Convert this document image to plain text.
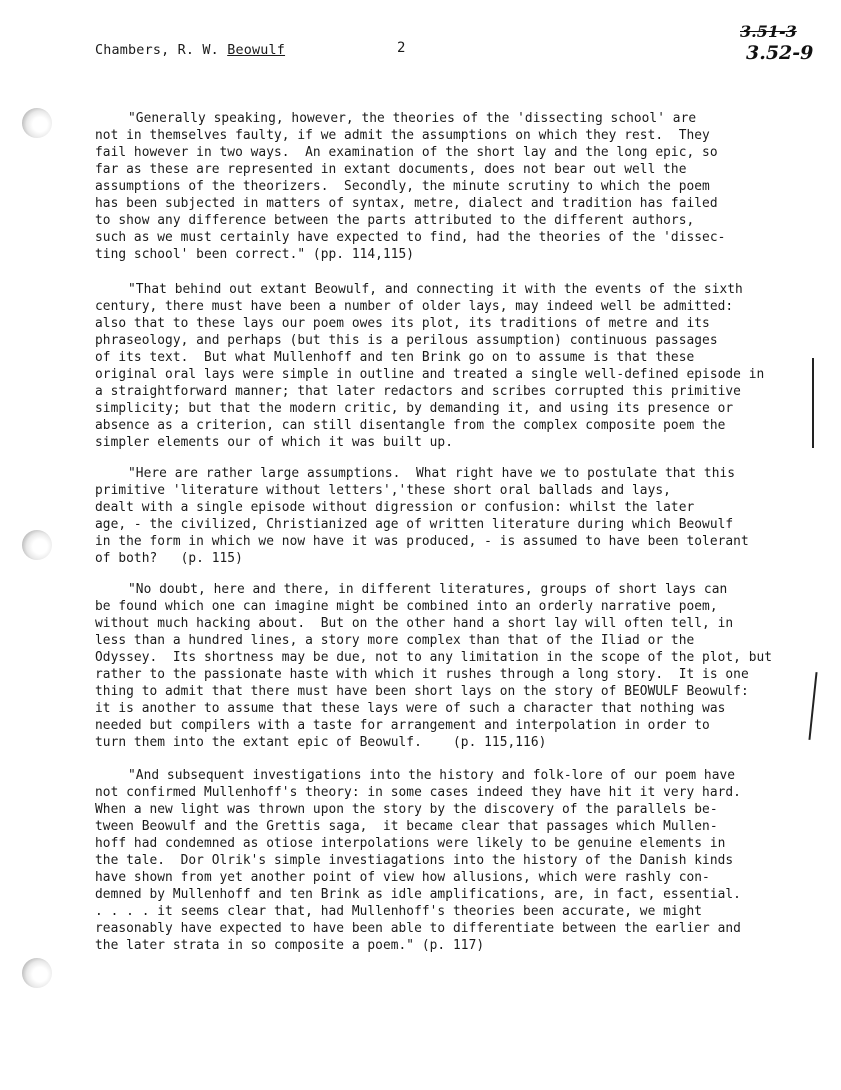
Chambers, R. W. Beowulf	2
3.51-3
3.52-9
"Generally speaking, however, the theories of the 'dissecting school' are
not in themselves faulty, if we admit the assumptions on which they rest.  They
fail however in two ways.  An examination of the short lay and the long epic, so
far as these are represented in extant documents, does not bear out well the
assumptions of the theorizers.  Secondly, the minute scrutiny to which the poem
has been subjected in matters of syntax, metre, dialect and tradition has failed
to show any difference between the parts attributed to the different authors,
such as we must certainly have expected to find, had the theories of the 'dissec-
ting school' been correct." (pp. 114,115)
"That behind out extant Beowulf, and connecting it with the events of the sixth
century, there must have been a number of older lays, may indeed well be admitted:
also that to these lays our poem owes its plot, its traditions of metre and its
phraseology, and perhaps (but this is a perilous assumption) continuous passages
of its text.  But what Mullenhoff and ten Brink go on to assume is that these
original oral lays were simple in outline and treated a single well-defined episode in
a straightforward manner; that later redactors and scribes corrupted this primitive
simplicity; but that the modern critic, by demanding it, and using its presence or
absence as a criterion, can still disentangle from the complex composite poem the
simpler elements our of which it was built up.
"Here are rather large assumptions.  What right have we to postulate that this
primitive 'literature without letters','these short oral ballads and lays,
dealt with a single episode without digression or confusion: whilst the later
age, - the civilized, Christianized age of written literature during which Beowulf
in the form in which we now have it was produced, - is assumed to have been tolerant
of both?   (p. 115)
"No doubt, here and there, in different literatures, groups of short lays can
be found which one can imagine might be combined into an orderly narrative poem,
without much hacking about.  But on the other hand a short lay will often tell, in
less than a hundred lines, a story more complex than that of the Iliad or the
Odyssey.  Its shortness may be due, not to any limitation in the scope of the plot, but
rather to the passionate haste with which it rushes through a long story.  It is one
thing to admit that there must have been short lays on the story of BEOWULF Beowulf:
it is another to assume that these lays were of such a character that nothing was
needed but compilers with a taste for arrangement and interpolation in order to
turn them into the extant epic of Beowulf.    (p. 115,116)
"And subsequent investigations into the history and folk-lore of our poem have
not confirmed Mullenhoff's theory: in some cases indeed they have hit it very hard.
When a new light was thrown upon the story by the discovery of the parallels be-
tween Beowulf and the Grettis saga,  it became clear that passages which Mullen-
hoff had condemned as otiose interpolations were likely to be genuine elements in
the tale.  Dor Olrik's simple investiagations into the history of the Danish kinds
have shown from yet another point of view how allusions, which were rashly con-
demned by Mullenhoff and ten Brink as idle amplifications, are, in fact, essential.
. . . . it seems clear that, had Mullenhoff's theories been accurate, we might
reasonably have expected to have been able to differentiate between the earlier and
the later strata in so composite a poem." (p. 117)
